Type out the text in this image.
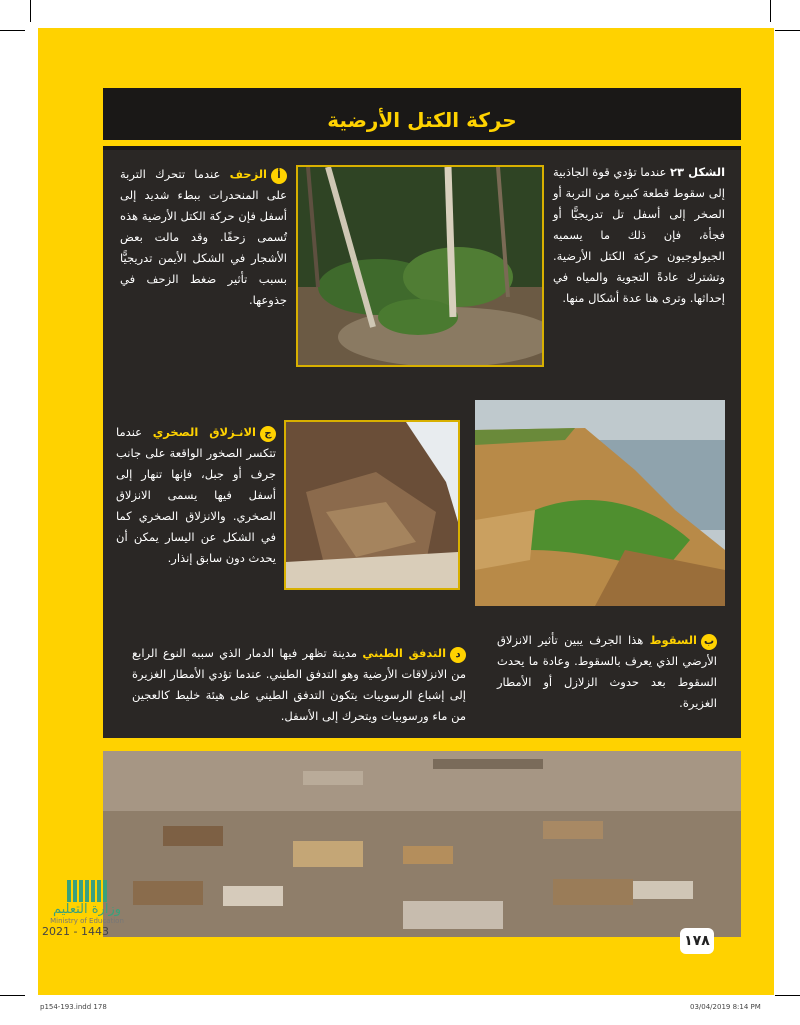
حركة الكتل الأرضية
الشكل ٢٣ عندما تؤدي قوة الجاذبية إلى سقوط قطعة كبيرة من التربة أو الصخر إلى أسفل تل تدريجيًّا أو فجأة، فإن ذلك ما يسميه الجيولوجيون حركة الكتل الأرضية. وتشترك عادةً التجوية والمياه في إحداثها. وترى هنا عدة أشكال منها.
أالزحف عندما تتحرك التربة على المنحدرات ببطء شديد إلى أسفل فإن حركة الكتل الأرضية هذه تُسمى زحفًا. وقد مالت بعض الأشجار في الشكل الأيمن تدريجيًّا بسبب تأثير ضغط الزحف في جذوعها.
جالانـزلاق الصخري عندما تتكسر الصخور الواقعة على جانب جرف أو جبل، فإنها تنهار إلى أسفل فيها يسمى الانزلاق الصخري. والانزلاق الصخري كما في الشكل عن اليسار يمكن أن يحدث دون سابق إنذار.
بالسقوط هذا الجرف يبين تأثير الانزلاق الأرضي الذي يعرف بالسقوط. وعادة ما يحدث السقوط بعد حدوث الزلازل أو الأمطار الغزيرة.
دالتدفق الطيني مدينة تظهر فيها الدمار الذي سببه النوع الرابع من الانزلاقات الأرضية وهو التدفق الطيني. عندما تؤدي الأمطار الغزيرة إلى إشباع الرسوبيات يتكون التدفق الطيني على هيئة خليط كالعجين من ماء ورسوبيات ويتحرك إلى الأسفل.
١٧٨
وزارة التعليم
Ministry of Education
2021 - 1443
p154-193.indd 178	03/04/2019 8:14 PM
